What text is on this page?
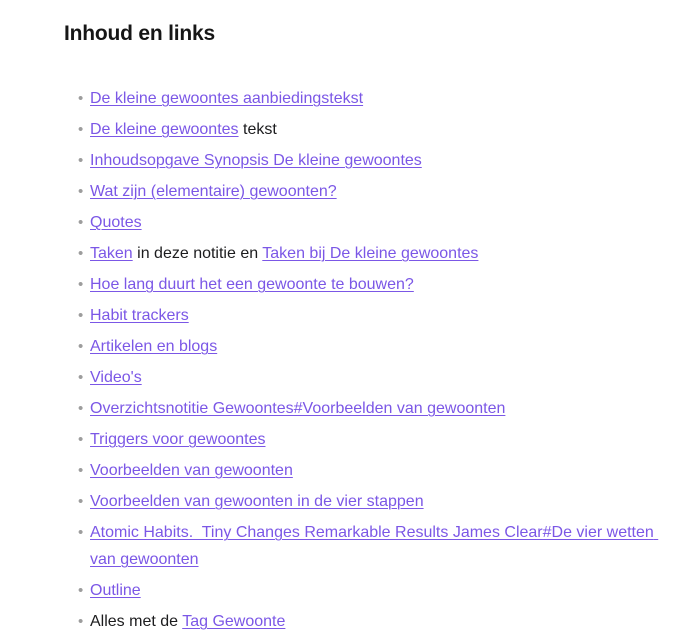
Inhoud en links
• De kleine gewoontes aanbiedingstekst
• De kleine gewoontes tekst
• Inhoudsopgave Synopsis De kleine gewoontes
• Wat zijn (elementaire) gewoonten?
• Quotes
• Taken in deze notitie en Taken bij De kleine gewoontes
• Hoe lang duurt het een gewoonte te bouwen?
• Habit trackers
• Artikelen en blogs
• Video's
• Overzichtsnotitie Gewoontes#Voorbeelden van gewoonten
• Triggers voor gewoontes
• Voorbeelden van gewoonten
• Voorbeelden van gewoonten in de vier stappen
• Atomic Habits.  Tiny Changes Remarkable Results James Clear#De vier wetten van gewoonten
• Outline
• Alles met de Tag Gewoonte
